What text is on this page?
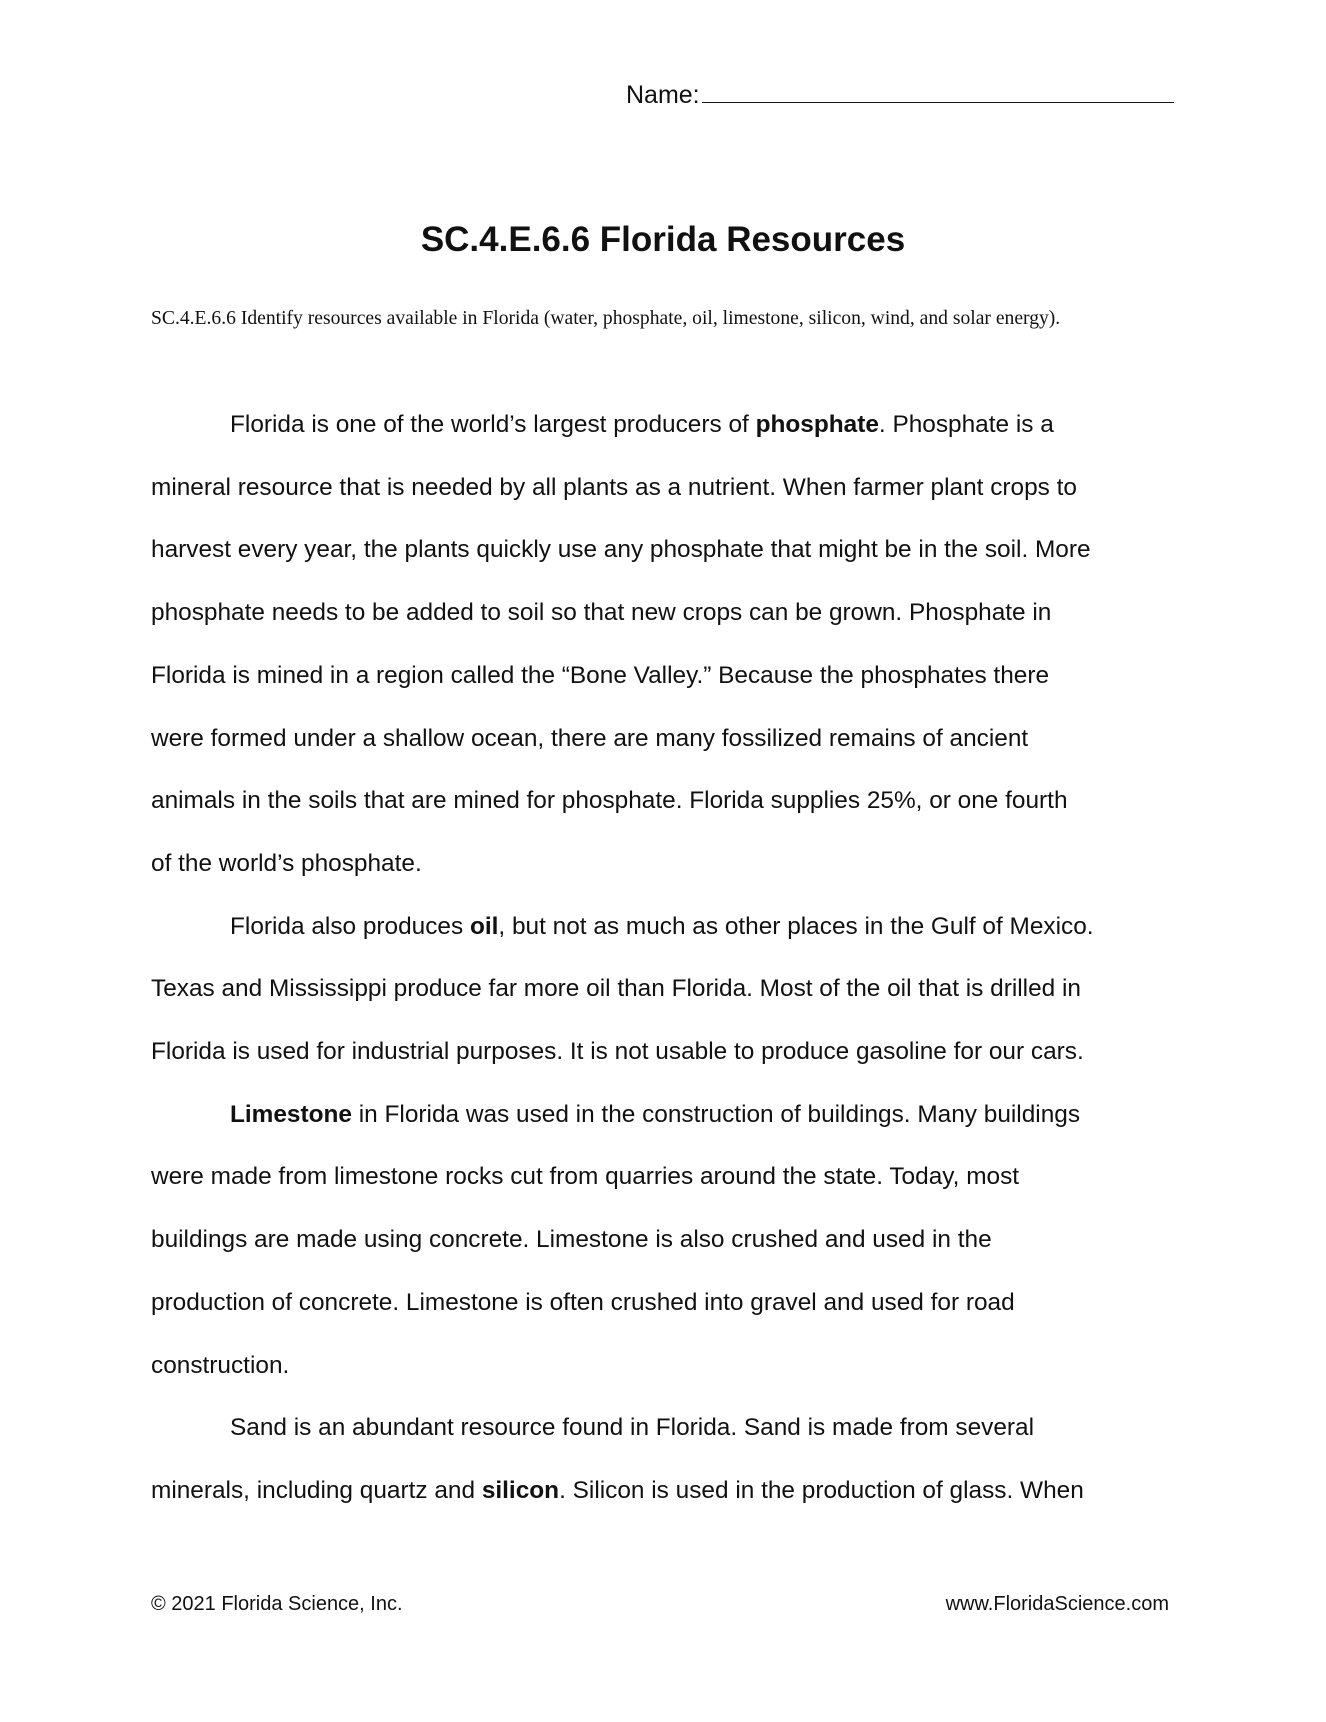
Name:
SC.4.E.6.6 Florida Resources

SC.4.E.6.6 Identify resources available in Florida (water, phosphate, oil, limestone, silicon, wind, and solar energy).

Florida is one of the world’s largest producers of phosphate. Phosphate is a
mineral resource that is needed by all plants as a nutrient. When farmer plant crops to
harvest every year, the plants quickly use any phosphate that might be in the soil. More
phosphate needs to be added to soil so that new crops can be grown. Phosphate in
Florida is mined in a region called the “Bone Valley.” Because the phosphates there
were formed under a shallow ocean, there are many fossilized remains of ancient
animals in the soils that are mined for phosphate. Florida supplies 25%, or one fourth
of the world’s phosphate.

Florida also produces oil, but not as much as other places in the Gulf of Mexico.
Texas and Mississippi produce far more oil than Florida. Most of the oil that is drilled in
Florida is used for industrial purposes. It is not usable to produce gasoline for our cars.

Limestone in Florida was used in the construction of buildings. Many buildings
were made from limestone rocks cut from quarries around the state. Today, most
buildings are made using concrete. Limestone is also crushed and used in the
production of concrete. Limestone is often crushed into gravel and used for road
construction.

Sand is an abundant resource found in Florida. Sand is made from several
minerals, including quartz and silicon. Silicon is used in the production of glass. When

© 2021 Florida Science, Inc.	www.FloridaScience.com
